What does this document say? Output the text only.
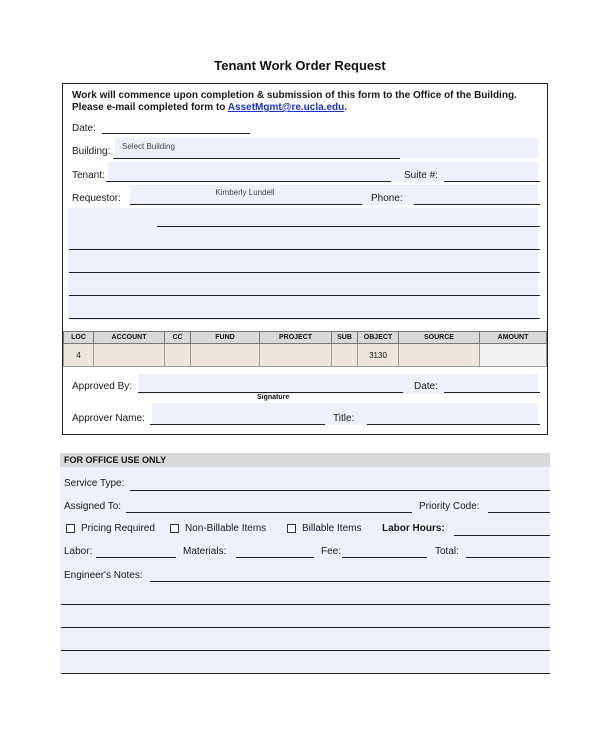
Tenant Work Order Request
Work will commence upon completion & submission of this form to the Office of the Building.
Please e-mail completed form to AssetMgmt@re.ucla.edu.
Date:
Building: Select Building
Tenant:	Suite #:
Requestor:
Kimberly Lundell
Phone:
LOC	ACCOUNT	CC	FUND	PROJECT	SUB	OBJECT	SOURCE	AMOUNT
4						3130		
Approved By:	Date:
Signature
Approver Name:	Title:
FOR OFFICE USE ONLY
Service Type:
Assigned To:	Priority Code:
Pricing Required	Non-Billable Items	Billable Items Labor Hours:
Labor:	Materials:	Fee:	Total:
Engineer's Notes:
